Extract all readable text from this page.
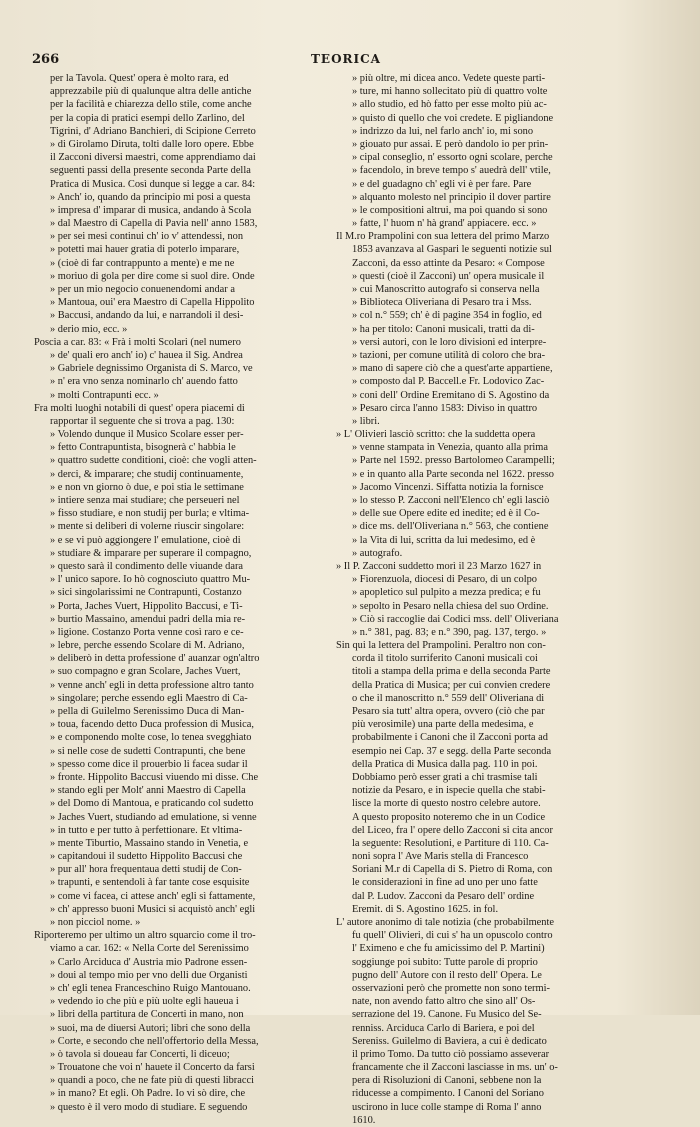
266	TEORICA
per la Tavola. Quest' opera è molto rara, ed
apprezzabile più di qualunque altra delle antiche
per la facilità e chiarezza dello stile, come anche
per la copia di pratici esempi dello Zarlino, del
Tigrini, d' Adriano Banchieri, di Scipione Cerreto
» di Girolamo Diruta, tolti dalle loro opere. Ebbe
il Zacconi diversi maestri, come apprendiamo dai
seguenti passi della presente seconda Parte della
Pratica di Musica. Così dunque si legge a car. 84:
» Anch' io, quando da principio mi posi a questa
» impresa d' imparar di musica, andando à Scola
» dal Maestro di Capella di Pavia nell' anno 1583,
» per sei mesi continui ch' io v' attendessi, non
» potetti mai hauer gratia di poterlo imparare,
» (cioè di far contrappunto a mente) e me ne
» moriuo di gola per dire come si suol dire. Onde
» per un mio negocio conuenendomi andar a
» Mantoua, oui' era Maestro di Capella Hippolito
» Baccusi, andando da lui, e narrandoli il desi-
» derio mio, ecc. »
Poscia a car. 83: « Frà i molti Scolari (nel numero
» de' quali ero anch' io) c' hauea il Sig. Andrea
» Gabriele degnissimo Organista di S. Marco, ve
» n' era vno senza nominarlo ch' auendo fatto
» molti Contrapunti ecc. »
Fra molti luoghi notabili di quest' opera piacemi di
rapportar il seguente che si trova a pag. 130:
» Volendo dunque il Musico Scolare esser per-
» fetto Contrapuntista, bisognerà c' habbia le
» quattro sudette conditioni, cioè: che vogli atten-
» derci, & imparare; che studij continuamente,
» e non vn giorno ò due, e poi stia le settimane
» intiere senza mai studiare; che perseueri nel
» fisso studiare, e non studij per burla; e vltima-
» mente si deliberi di volerne riuscir singolare:
» e se vi può aggiongere l' emulatione, cioè di
» studiare & imparare per superare il compagno,
» questo sarà il condimento delle viuande dara
» l' unico sapore. Io hò cognosciuto quattro Mu-
» sici singolarissimi ne Contrapunti, Costanzo
» Porta, Jaches Vuert, Hippolito Baccusi, e Ti-
» burtio Massaino, amendui padri della mia re-
» ligione. Costanzo Porta venne così raro e ce-
» lebre, perche essendo Scolare di M. Adriano,
» deliberò in detta professione d' auanzar ogn'altro
» suo compagno e gran Scolare, Jaches Vuert,
» venne anch' egli in detta professione altro tanto
» singolare; perche essendo egli Maestro di Ca-
» pella di Guilelmo Serenissimo Duca di Man-
» toua, facendo detto Duca profession di Musica,
» e componendo molte cose, lo tenea svegghiato
» si nelle cose de sudetti Contrapunti, che bene
» spesso come dice il prouerbio li facea sudar il
» fronte. Hippolito Baccusi viuendo mi disse. Che
» stando egli per Molt' anni Maestro di Capella
» del Domo di Mantoua, e praticando col sudetto
» Jaches Vuert, studiando ad emulatione, si venne
» in tutto e per tutto à perfettionare. Et vltima-
» mente Tiburtio, Massaino stando in Venetia, e
» capitandoui il sudetto Hippolito Baccusi che
» pur all' hora frequentaua detti studij de Con-
» trapunti, e sentendoli à far tante cose esquisite
» come vi facea, ci attese anch' egli sì fattamente,
» ch' appresso buoni Musici si acquistò anch' egli
» non picciol nome. »
Riporteremo per ultimo un altro squarcio come il tro-
viamo a car. 162: « Nella Corte del Serenissimo
» Carlo Arciduca d' Austria mio Padrone essen-
» doui al tempo mio per vno delli due Organisti
» ch' egli tenea Franceschino Ruigo Mantouano.
» vedendo io che più e più uolte egli haueua i
» libri della partitura de Concerti in mano, non
» suoi, ma de diuersi Autori; libri che sono della
» Corte, e secondo che nell'offertorio della Messa,
» ò tavola si doueau far Concerti, li diceuo;
» Trouatone che voi n' hauete il Concerto da farsi
» quandi a poco, che ne fate più di questi libracci
» in mano? Et egli. Oh Padre. Io vi sò dire, che
» questo è il vero modo di studiare. E seguendo
» più oltre, mi dicea anco. Vedete queste parti-
» ture, mi hanno sollecitato più di quattro volte
» allo studio, ed hò fatto per esse molto più ac-
» quisto di quello che voi credete. E pigliandone
» indrizzo da lui, nel farlo anch' io, mi sono
» giouato pur assai. E però dandolo io per prin-
» cipal conseglio, n' essorto ogni scolare, perche
» facendolo, in breve tempo s' auedrà dell' vtile,
» e del guadagno ch' egli vi è per fare. Pare
» alquanto molesto nel principio il dover partire
» le compositioni altrui, ma poi quando si sono
» fatte, l' huom n' hà grand' appiacere. ecc. »
Il M.ro Prampolini con sua lettera del primo Marzo
1853 avanzava al Gaspari le seguenti notizie sul
Zacconi, da esso attinte da Pesaro: « Compose
» questi (cioè il Zacconi) un' opera musicale il
» cui Manoscritto autografo si conserva nella
» Biblioteca Oliveriana di Pesaro tra i Mss.
» col n.° 559; ch' è di pagine 354 in foglio, ed
» ha per titolo: Canoni musicali, tratti da di-
» versi autori, con le loro divisioni ed interpre-
» tazioni, per comune utilità di coloro che bra-
» mano di sapere ciò che a quest'arte appartiene,
» composto dal P. Baccell.e Fr. Lodovico Zac-
» coni dell' Ordine Eremitano di S. Agostino da
» Pesaro circa l'anno 1583: Diviso in quattro
» libri.
» L' Olivieri lasciò scritto: che la suddetta opera
» venne stampata in Venezia, quanto alla prima
» Parte nel 1592. presso Bartolomeo Carampelli;
» e in quanto alla Parte seconda nel 1622. presso
» Jacomo Vincenzi. Siffatta notizia la fornisce
» lo stesso P. Zacconi nell'Elenco ch' egli lasciò
» delle sue Opere edite ed inedite; ed è il Co-
» dice ms. dell'Oliveriana n.° 563, che contiene
» la Vita di lui, scritta da lui medesimo, ed è
» autografo.
» Il P. Zacconi suddetto morì il 23 Marzo 1627 in
» Fiorenzuola, diocesi di Pesaro, di un colpo
» apopletico sul pulpito a mezza predica; e fu
» sepolto in Pesaro nella chiesa del suo Ordine.
» Ciò si raccoglie dai Codici mss. dell' Oliveriana
» n.° 381, pag. 83; e n.° 390, pag. 137, tergo. »
Sin qui la lettera del Prampolini. Peraltro non con-
corda il titolo surriferito Canoni musicali coi
titoli a stampa della prima e della seconda Parte
della Pratica di Musica; per cui convien credere
o che il manoscritto n.° 559 dell' Oliveriana di
Pesaro sia tutt' altra opera, ovvero (ciò che par
più verosimile) una parte della medesima, e
probabilmente i Canoni che il Zacconi porta ad
esempio nei Cap. 37 e segg. della Parte seconda
della Pratica di Musica dalla pag. 110 in poi.
Dobbiamo però esser grati a chi trasmise tali
notizie da Pesaro, e in ispecie quella che stabi-
lisce la morte di questo nostro celebre autore.
A questo proposito noteremo che in un Codice
del Liceo, fra l' opere dello Zacconi si cita ancor
la seguente: Resolutioni, e Partiture di 110. Ca-
noni sopra l' Ave Maris stella di Francesco
Soriani M.r di Capella di S. Pietro di Roma, con
le considerazioni in fine ad uno per uno fatte
dal P. Ludov. Zacconi da Pesaro dell' ordine
Eremit. di S. Agostino 1625. in fol.
L' autore anonimo di tale notizia (che probabilmente
fu quell' Olivieri, di cui s' ha un opuscolo contro
l' Eximeno e che fu amicissimo del P. Martini)
soggiunge poi subito: Tutte parole di proprio
pugno dell' Autore con il resto dell' Opera. Le
osservazioni però che promette non sono termi-
nate, non avendo fatto altro che sino all' Os-
serrazione del 19. Canone. Fu Musico del Se-
renniss. Arciduca Carlo di Bariera, e poi del
Sereniss. Guilelmo di Baviera, a cui è dedicato
il primo Tomo. Da tutto ciò possiamo asseverar
francamente che il Zacconi lasciasse in ms. un' o-
pera di Risoluzioni di Canoni, sebbene non la
riducesse a compimento. I Canoni del Soriano
uscirono in luce colle stampe di Roma l' anno
1610.
